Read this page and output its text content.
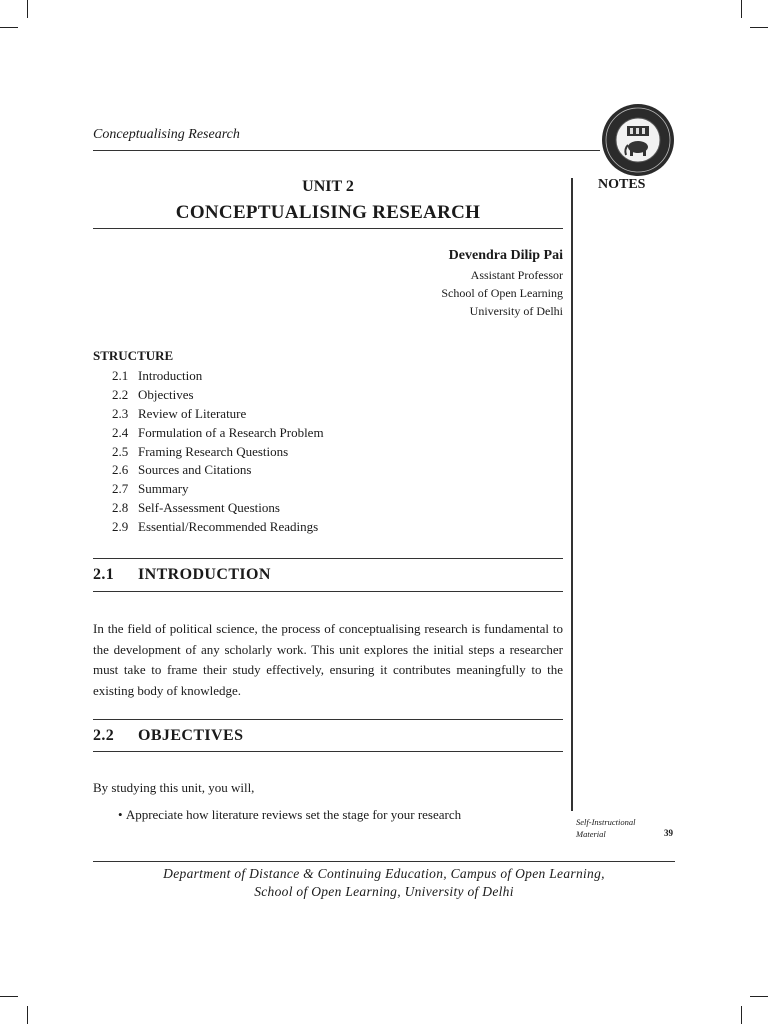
Conceptualising Research
NOTES
UNIT 2
CONCEPTUALISING RESEARCH
Devendra Dilip Pai
Assistant Professor
School of Open Learning
University of Delhi
STRUCTURE
2.1 Introduction
2.2 Objectives
2.3 Review of Literature
2.4 Formulation of a Research Problem
2.5 Framing Research Questions
2.6 Sources and Citations
2.7 Summary
2.8 Self-Assessment Questions
2.9 Essential/Recommended Readings
2.1 INTRODUCTION
In the field of political science, the process of conceptualising research is fundamental to the development of any scholarly work. This unit explores the initial steps a researcher must take to frame their study effectively, ensuring it contributes meaningfully to the existing body of knowledge.
2.2 OBJECTIVES
By studying this unit, you will,
• Appreciate how literature reviews set the stage for your research	Self-Instructional
Material	39
Department of Distance & Continuing Education, Campus of Open Learning,
School of Open Learning, University of Delhi
